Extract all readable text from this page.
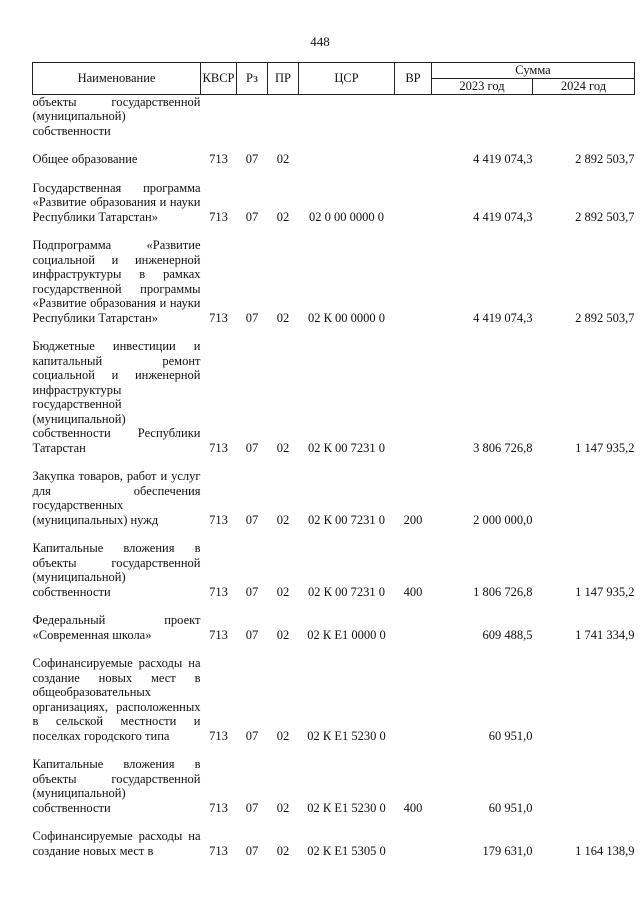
448
Наименование	КВСР	Рз	ПР	ЦСР	ВР	Сумма	
						2023 год	2024 год
объекты государственной (муниципальной) собственности							

Общее образование	713	07	02			4 419 074,3	2 892 503,7

Государственная программа «Развитие образования и науки Республики Татарстан»	713	07	02	02 0 00 0000 0		4 419 074,3	2 892 503,7

Подпрограмма «Развитие социальной и инженерной инфраструктуры в рамках государственной программы «Развитие образования и науки Республики Татарстан»	713	07	02	02 К 00 0000 0		4 419 074,3	2 892 503,7

Бюджетные инвестиции и капитальный ремонт социальной и инженерной инфраструктуры государственной (муниципальной) собственности Республики Татарстан	713	07	02	02 К 00 7231 0		3 806 726,8	1 147 935,2

Закупка товаров, работ и услуг для обеспечения государственных (муниципальных) нужд	713	07	02	02 К 00 7231 0	200	2 000 000,0	

Капитальные вложения в объекты государственной (муниципальной) собственности	713	07	02	02 К 00 7231 0	400	1 806 726,8	1 147 935,2

Федеральный проект «Современная школа»	713	07	02	02 К Е1 0000 0		609 488,5	1 741 334,9

Софинансируемые расходы на создание новых мест в общеобразовательных организациях, расположенных в сельской местности и поселках городского типа	713	07	02	02 К Е1 5230 0		60 951,0	

Капитальные вложения в объекты государственной (муниципальной) собственности	713	07	02	02 К Е1 5230 0	400	60 951,0	

Софинансируемые расходы на создание новых мест в	713	07	02	02 К Е1 5305 0		179 631,0	1 164 138,9
